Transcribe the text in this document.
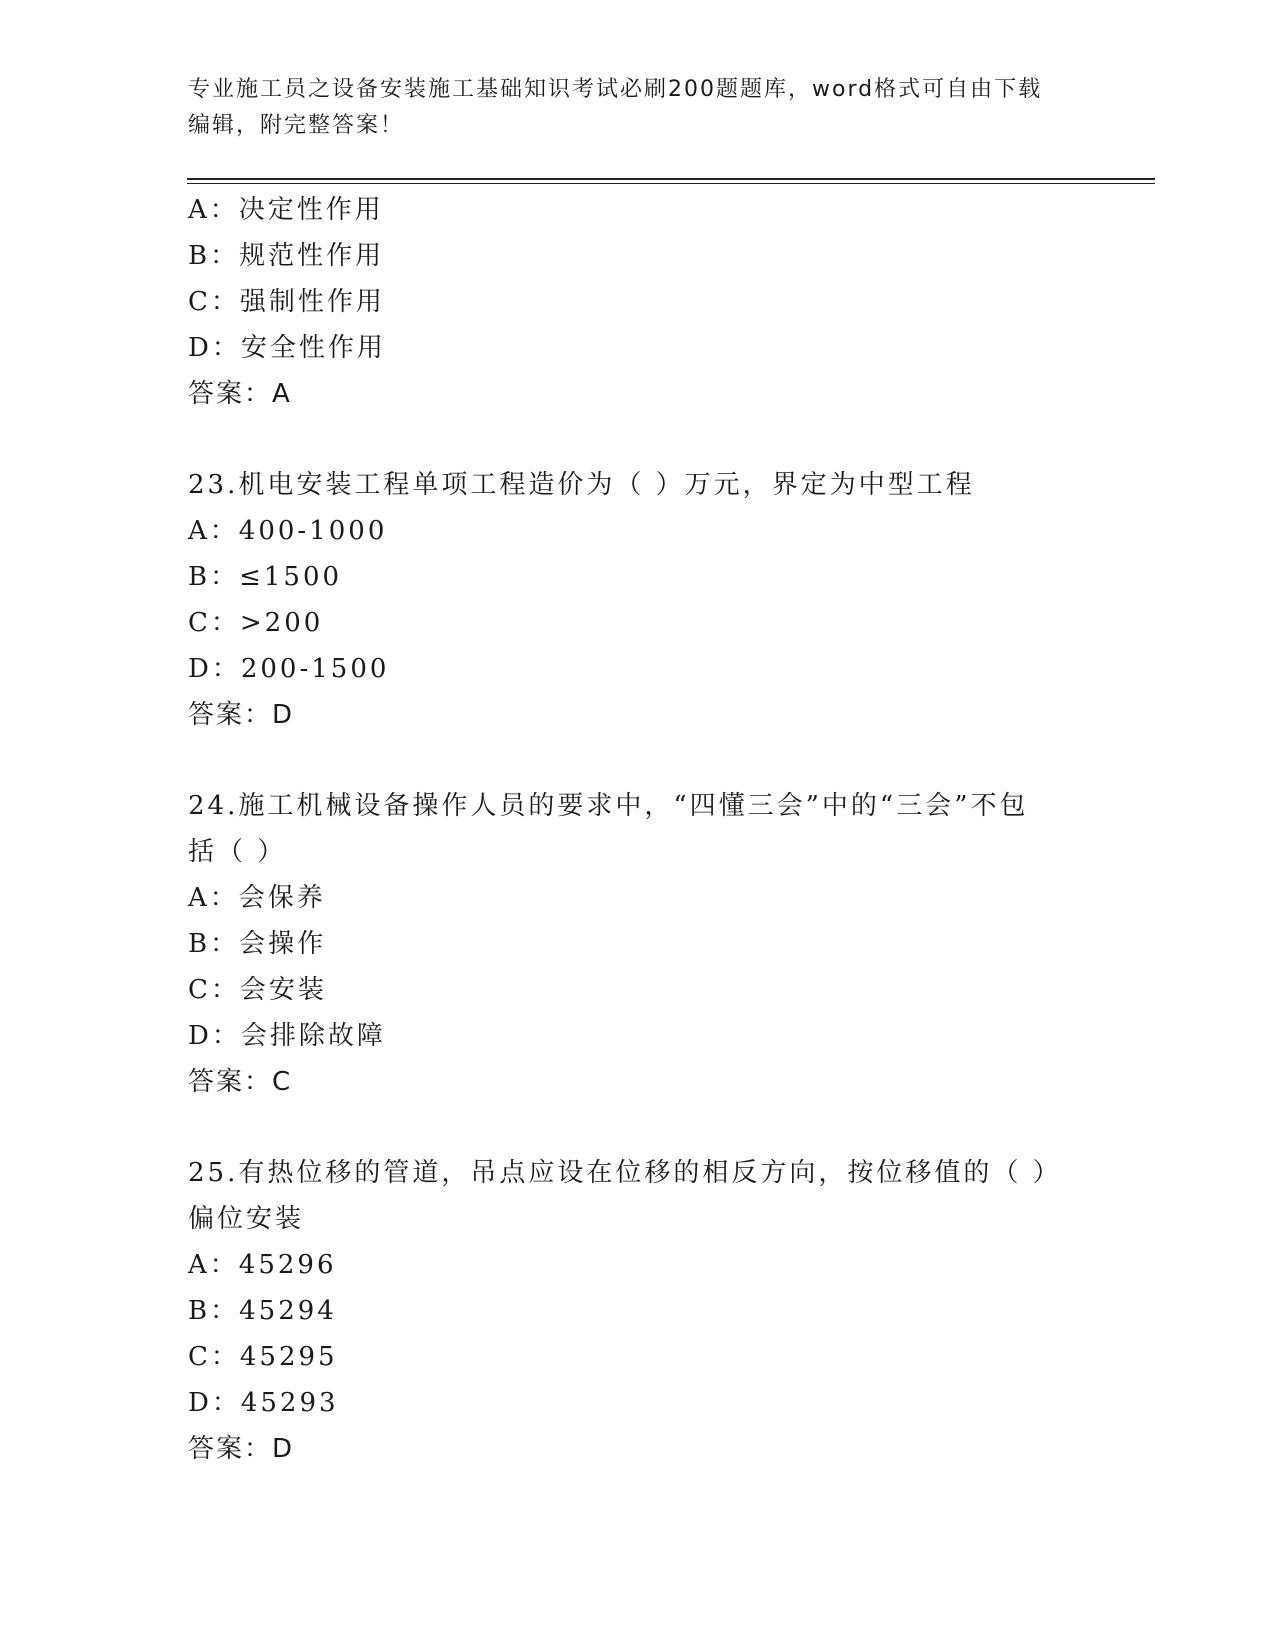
专业施工员之设备安装施工基础知识考试必刷200题题库，word格式可自由下载
编辑，附完整答案！
A：决定性作用
B：规范性作用
C：强制性作用
D：安全性作用
答案：A
23.机电安装工程单项工程造价为（ ）万元，界定为中型工程
A：400-1000
B：≤1500
C：>200
D：200-1500
答案：D
24.施工机械设备操作人员的要求中，“四懂三会”中的“三会”不包
括（ ）
A：会保养
B：会操作
C：会安装
D：会排除故障
答案：C
25.有热位移的管道，吊点应设在位移的相反方向，按位移值的（ ）
偏位安装
A：45296
B：45294
C：45295
D：45293
答案：D
